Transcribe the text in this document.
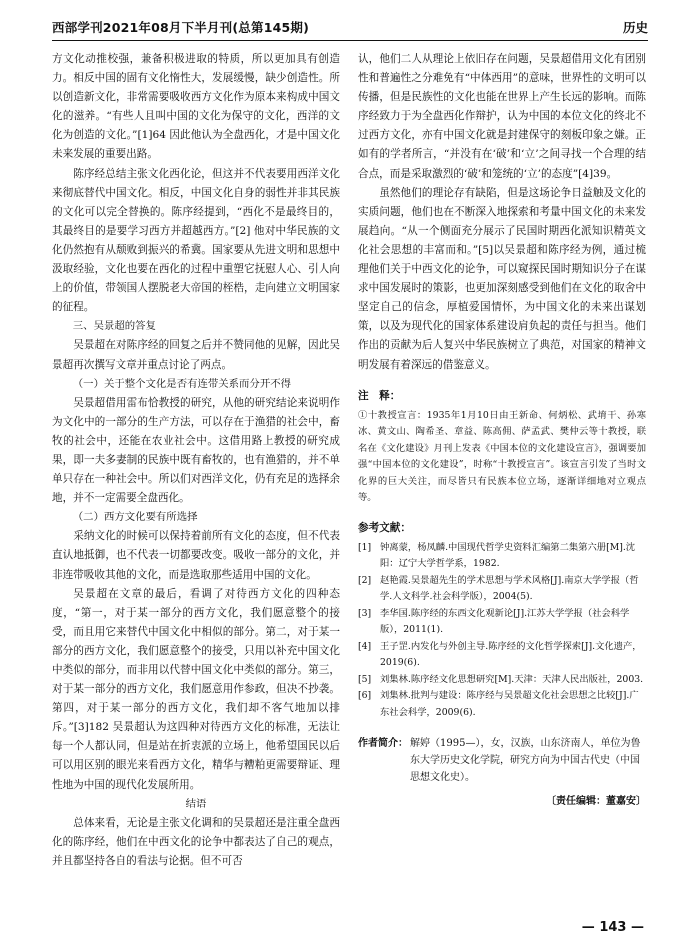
西部学刊2021年08月下半月刊(总第145期)	历史

方文化动推校强，兼备积极进取的特质，所以更加具有创造力。相反中国的固有文化惰性大，发展缓慢，缺少创造性。所以创造新文化，非常需要吸收西方文化作为原本来构成中国文化的滋养。“有些人且叫中国的文化为保守的文化，西洋的文化为创造的文化。”[1]64 因此他认为全盘西化，才是中国文化未来发展的重要出路。

陈序经总结主张文化西化论，但这并不代表要用西洋文化来彻底替代中国文化。相反，中国文化自身的弱性并非其民族的文化可以完全替换的。陈序经提到，“西化不是最终目的，其最终目的是要学习西方并超越西方。”[2] 他对中华民族的文化仍然抱有从颓败到振兴的希冀。国家要从先进文明和思想中汲取经验，文化也要在西化的过程中重塑它抚慰人心、引人向上的价值，带领国人摆脱老大帝国的桎梏，走向建立文明国家的征程。

三、吴景超的答复

吴景超在对陈序经的回复之后并不赞同他的见解，因此吴景超再次撰写文章并重点讨论了两点。

（一）关于整个文化是否有连带关系而分开不得

吴景超借用雷布恰教授的研究，从他的研究结论来说明作为文化中的一部分的生产方法，可以存在于渔猎的社会中，畜牧的社会中，还能在农业社会中。这借用路上教授的研究成果，即一夫多妻制的民族中既有畜牧的，也有渔猎的，并不单单只存在一种社会中。所以们对西洋文化，仍有充足的选择余地，并不一定需要全盘西化。

（二）西方文化要有所选择

采纳文化的时候可以保持着前所有文化的态度，但不代表直认地抵御，也不代表一切都要改变。吸收一部分的文化，并非连带吸收其他的文化，而是选取那些适用中国的文化。

吴景超在文章的最后，看调了对待西方文化的四种态度，“第一，对于某一部分的西方文化，我们愿意整个的接受，而且用它来替代中国文化中相似的部分。第二，对于某一部分的西方文化，我们愿意整个的接受，只用以补充中国文化中类似的部分，而非用以代替中国文化中类似的部分。第三，对于某一部分的西方文化，我们愿意用作参政，但决不抄袭。第四，对于某一部分的西方文化，我们却不客气地加以排斥。”[3]182 吴景超认为这四种对待西方文化的标准，无法让每一个人都认同，但是站在折衷派的立场上，他希望国民以后可以用区别的眼光来看西方文化，精华与糟粕更需要辩证、理性地为中国的现代化发展所用。

结语

总体来看，无论是主张文化调和的吴景超还是注重全盘西化的陈序经，他们在中西文化的论争中都表达了自己的观点，并且都坚持各自的看法与论据。但不可否

认，他们二人从理论上依旧存在问题，吴景超借用文化有团别性和普遍性之分难免有“中体西用”的意味，世界性的文明可以传播，但是民族性的文化也能在世界上产生长远的影响。而陈序经致力于为全盘西化作辩护，认为中国的本位文化的终北不过西方文化，亦有中国文化就是封建保守的刻板印象之嫌。正如有的学者所言，“并没有在‘破’和‘立’之间寻找一个合理的结合点，而是采取激烈的‘破’和笼统的‘立’的态度”[4]39。

虽然他们的理论存有缺陷，但是这场论争日益触及文化的实质问题，他们也在不断深入地探索和考量中国文化的未来发展趋向。“从一个侧面充分展示了民国时期西化派知识精英文化社会思想的丰富而和。”[5]以吴景超和陈序经为例，通过梳理他们关于中西文化的论争，可以窥探民国时期知识分子在谋求中国发展时的策影，也更加深刻感受到他们在文化的取舍中坚定自己的信念，厚植爱国情怀，为中国文化的未来出谋划策，以及为现代化的国家体系建设肩负起的责任与担当。他们作出的贡献为后人复兴中华民族树立了典范，对国家的精神文明发展有着深远的借鉴意义。

注　释：
①十教授宣言：1935年1月10日由王新命、何炳松、武堉干、孙寒冰、黄文山、陶希圣、章益、陈高佣、萨孟武、樊仲云等十教授，联名在《文化建设》月刊上发表《中国本位的文化建设宣言》，强调要加强“中国本位的文化建设”，时称“十教授宣言”。该宣言引发了当时文化界的巨大关注，而尽皆只有民族本位立场，逐渐详细地对立观点等。
参考文献：
[1] 钟离蒙，杨凤麟.中国现代哲学史资料汇编第二集第六册[M].沈阳：辽宁大学哲学系，1982.
[2] 赵艳霞.吴景超先生的学术思想与学术风格[J].南京大学学报（哲学.人文科学.社会科学版），2004(5).
[3] 李华国.陈序经的东西文化观新论[J].江苏大学学报（社会科学版），2011(1).
[4] 王子罡.内发化与外创主导.陈序经的文化哲学探索[J].文化遗产，2019(6).
[5] 刘集林.陈序经文化思想研究[M].天津：天津人民出版社，2003.
[6] 刘集林.批判与建设：陈序经与吴景超文化社会思想之比较[J].广东社会科学，2009(6).
作者简介： 解婷（1995—），女，汉族，山东济南人，单位为鲁东大学历史文化学院，研究方向为中国古代史（中国思想文化史）。
〔责任编辑：董嘉安〕
— 143 —
